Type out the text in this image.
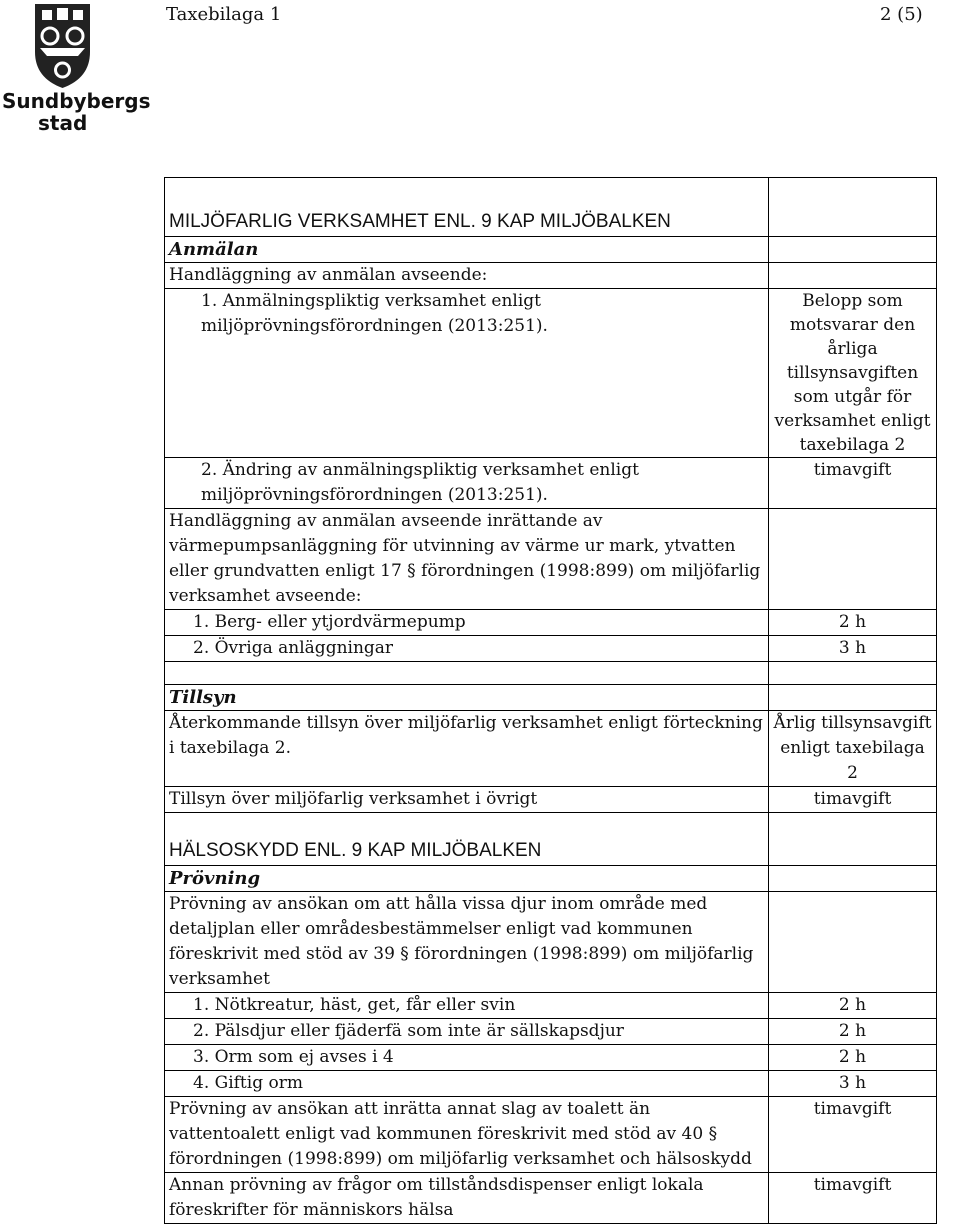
Sundbybergs
stad
Taxebilaga 1	2 (5)
MILJÖFARLIG VERKSAMHET ENL. 9 KAP MILJÖBALKEN	
Anmälan	
Handläggning av anmälan avseende:	

1. Anmälningspliktig verksamhet enligt
miljöprövningsförordningen (2013:251).	Belopp som motsvarar den årliga tillsynsavgiften som utgår för verksamhet enligt taxebilaga 2

2. Ändring av anmälningspliktig verksamhet enligt
miljöprövningsförordningen (2013:251).	timavgift
Handläggning av anmälan avseende inrättande av värmepumpsanläggning för utvinning av värme ur mark, ytvatten eller grundvatten enligt 17 § förordningen (1998:899) om miljöfarlig verksamhet avseende:	
1. Berg- eller ytjordvärmepump	2 h
2. Övriga anläggningar	3 h

Tillsyn	
Återkommande tillsyn över miljöfarlig verksamhet enligt förteckning i taxebilaga 2.	Årlig tillsynsavgift enligt taxebilaga 2
Tillsyn över miljöfarlig verksamhet i övrigt	timavgift
HÄLSOSKYDD ENL. 9 KAP MILJÖBALKEN	
Prövning	
Prövning av ansökan om att hålla vissa djur inom område med detaljplan eller områdesbestämmelser enligt vad kommunen föreskrivit med stöd av 39 § förordningen (1998:899) om miljöfarlig verksamhet	
1. Nötkreatur, häst, get, får eller svin	2 h
2. Pälsdjur eller fjäderfä som inte är sällskapsdjur	2 h
3. Orm som ej avses i 4	2 h
4. Giftig orm	3 h
Prövning av ansökan att inrätta annat slag av toalett än vattentoalett enligt vad kommunen föreskrivit med stöd av 40 § förordningen (1998:899) om miljöfarlig verksamhet och hälsoskydd	timavgift
Annan prövning av frågor om tillståndsdispenser enligt lokala föreskrifter för människors hälsa	timavgift
